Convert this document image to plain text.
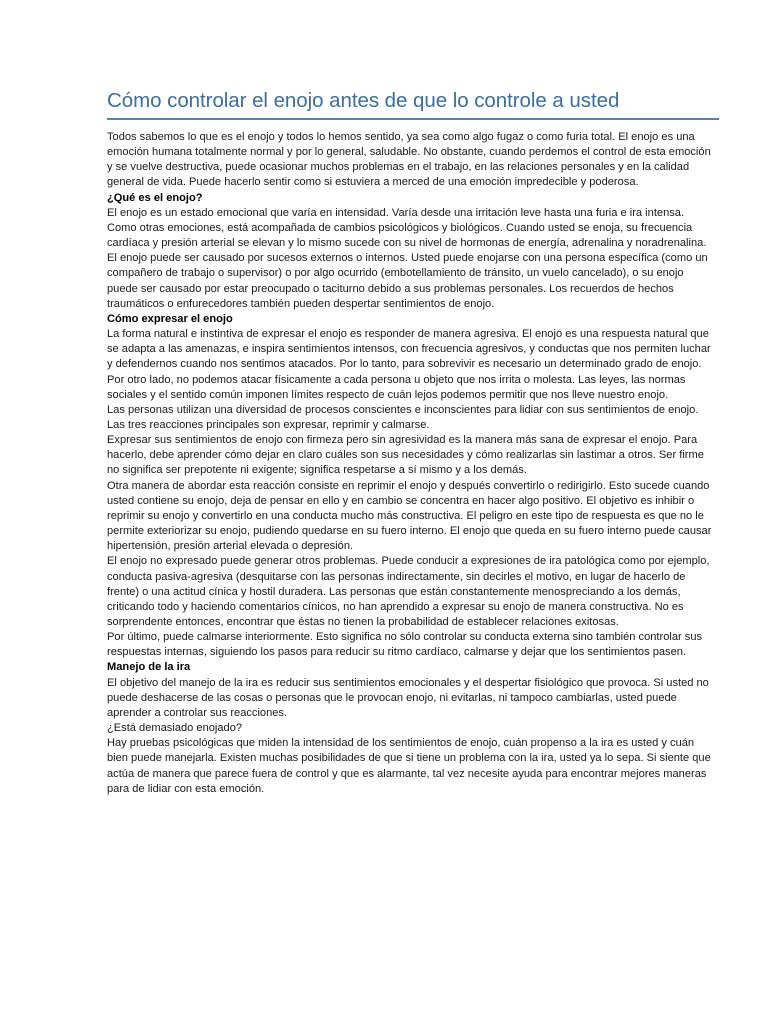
Cómo controlar el enojo antes de que lo controle a usted

Todos sabemos lo que es el enojo y todos lo hemos sentido, ya sea como algo fugaz o como furia total. El enojo es una emoción humana totalmente normal y por lo general, saludable. No obstante, cuando perdemos el control de esta emoción y se vuelve destructiva, puede ocasionar muchos problemas en el trabajo, en las relaciones personales y en la calidad general de vida. Puede hacerlo sentir como si estuviera a merced de una emoción impredecible y poderosa.

¿Qué es el enojo?

El enojo es un estado emocional que varía en intensidad. Varía desde una irritación leve hasta una furia e ira intensa. Como otras emociones, está acompañada de cambios psicológicos y biológicos. Cuando usted se enoja, su frecuencia cardíaca y presión arterial se elevan y lo mismo sucede con su nivel de hormonas de energía, adrenalina y noradrenalina.

El enojo puede ser causado por sucesos externos o internos. Usted puede enojarse con una persona específica (como un compañero de trabajo o supervisor) o por algo ocurrido (embotellamiento de tránsito, un vuelo cancelado), o su enojo puede ser causado por estar preocupado o taciturno debido a sus problemas personales. Los recuerdos de hechos traumáticos o enfurecedores también pueden despertar sentimientos de enojo.

Cómo expresar el enojo

La forma natural e instintiva de expresar el enojo es responder de manera agresiva. El enojo es una respuesta natural que se adapta a las amenazas, e inspira sentimientos intensos, con frecuencia agresivos, y conductas que nos permiten luchar y defendernos cuando nos sentimos atacados. Por lo tanto, para sobrevivir es necesario un determinado grado de enojo.

Por otro lado, no podemos atacar físicamente a cada persona u objeto que nos irrita o molesta. Las leyes, las normas sociales y el sentido común imponen límites respecto de cuán lejos podemos permitir que nos lleve nuestro enojo.

Las personas utilizan una diversidad de procesos conscientes e inconscientes para lidiar con sus sentimientos de enojo. Las tres reacciones principales son expresar, reprimir y calmarse.

Expresar sus sentimientos de enojo con firmeza pero sin agresividad es la manera más sana de expresar el enojo. Para hacerlo, debe aprender cómo dejar en claro cuáles son sus necesidades y cómo realizarlas sin lastimar a otros. Ser firme no significa ser prepotente ni exigente; significa respetarse a sí mismo y a los demás.

Otra manera de abordar esta reacción consiste en reprimir el enojo y después convertirlo o redirigirlo. Esto sucede cuando usted contiene su enojo, deja de pensar en ello y en cambio se concentra en hacer algo positivo. El objetivo es inhibir o reprimir su enojo y convertirlo en una conducta mucho más constructiva. El peligro en este tipo de respuesta es que no le permite exteriorizar su enojo, pudiendo quedarse en su fuero interno. El enojo que queda en su fuero interno puede causar hipertensión, presión arterial elevada o depresión.

El enojo no expresado puede generar otros problemas. Puede conducir a expresiones de ira patológica como por ejemplo, conducta pasiva-agresiva (desquitarse con las personas indirectamente, sin decirles el motivo, en lugar de hacerlo de frente) o una actitud cínica y hostil duradera. Las personas que están constantemente menospreciando a los demás, criticando todo y haciendo comentarios cínicos, no han aprendido a expresar su enojo de manera constructiva. No es sorprendente entonces, encontrar que éstas no tienen la probabilidad de establecer relaciones exitosas.

Por último, puede calmarse interiormente. Esto significa no sólo controlar su conducta externa sino también controlar sus respuestas internas, siguiendo los pasos para reducir su ritmo cardíaco, calmarse y dejar que los sentimientos pasen.

Manejo de la ira

El objetivo del manejo de la ira es reducir sus sentimientos emocionales y el despertar fisiológico que provoca. Si usted no puede deshacerse de las cosas o personas que le provocan enojo, ni evitarlas, ni tampoco cambiarlas, usted puede aprender a controlar sus reacciones.

¿Está demasiado enojado?

Hay pruebas psicológicas que miden la intensidad de los sentimientos de enojo, cuán propenso a la ira es usted y cuán bien puede manejarla. Existen muchas posibilidades de que si tiene un problema con la ira, usted ya lo sepa. Si siente que actúa de manera que parece fuera de control y que es alarmante, tal vez necesite ayuda para encontrar mejores maneras para de lidiar con esta emoción.
